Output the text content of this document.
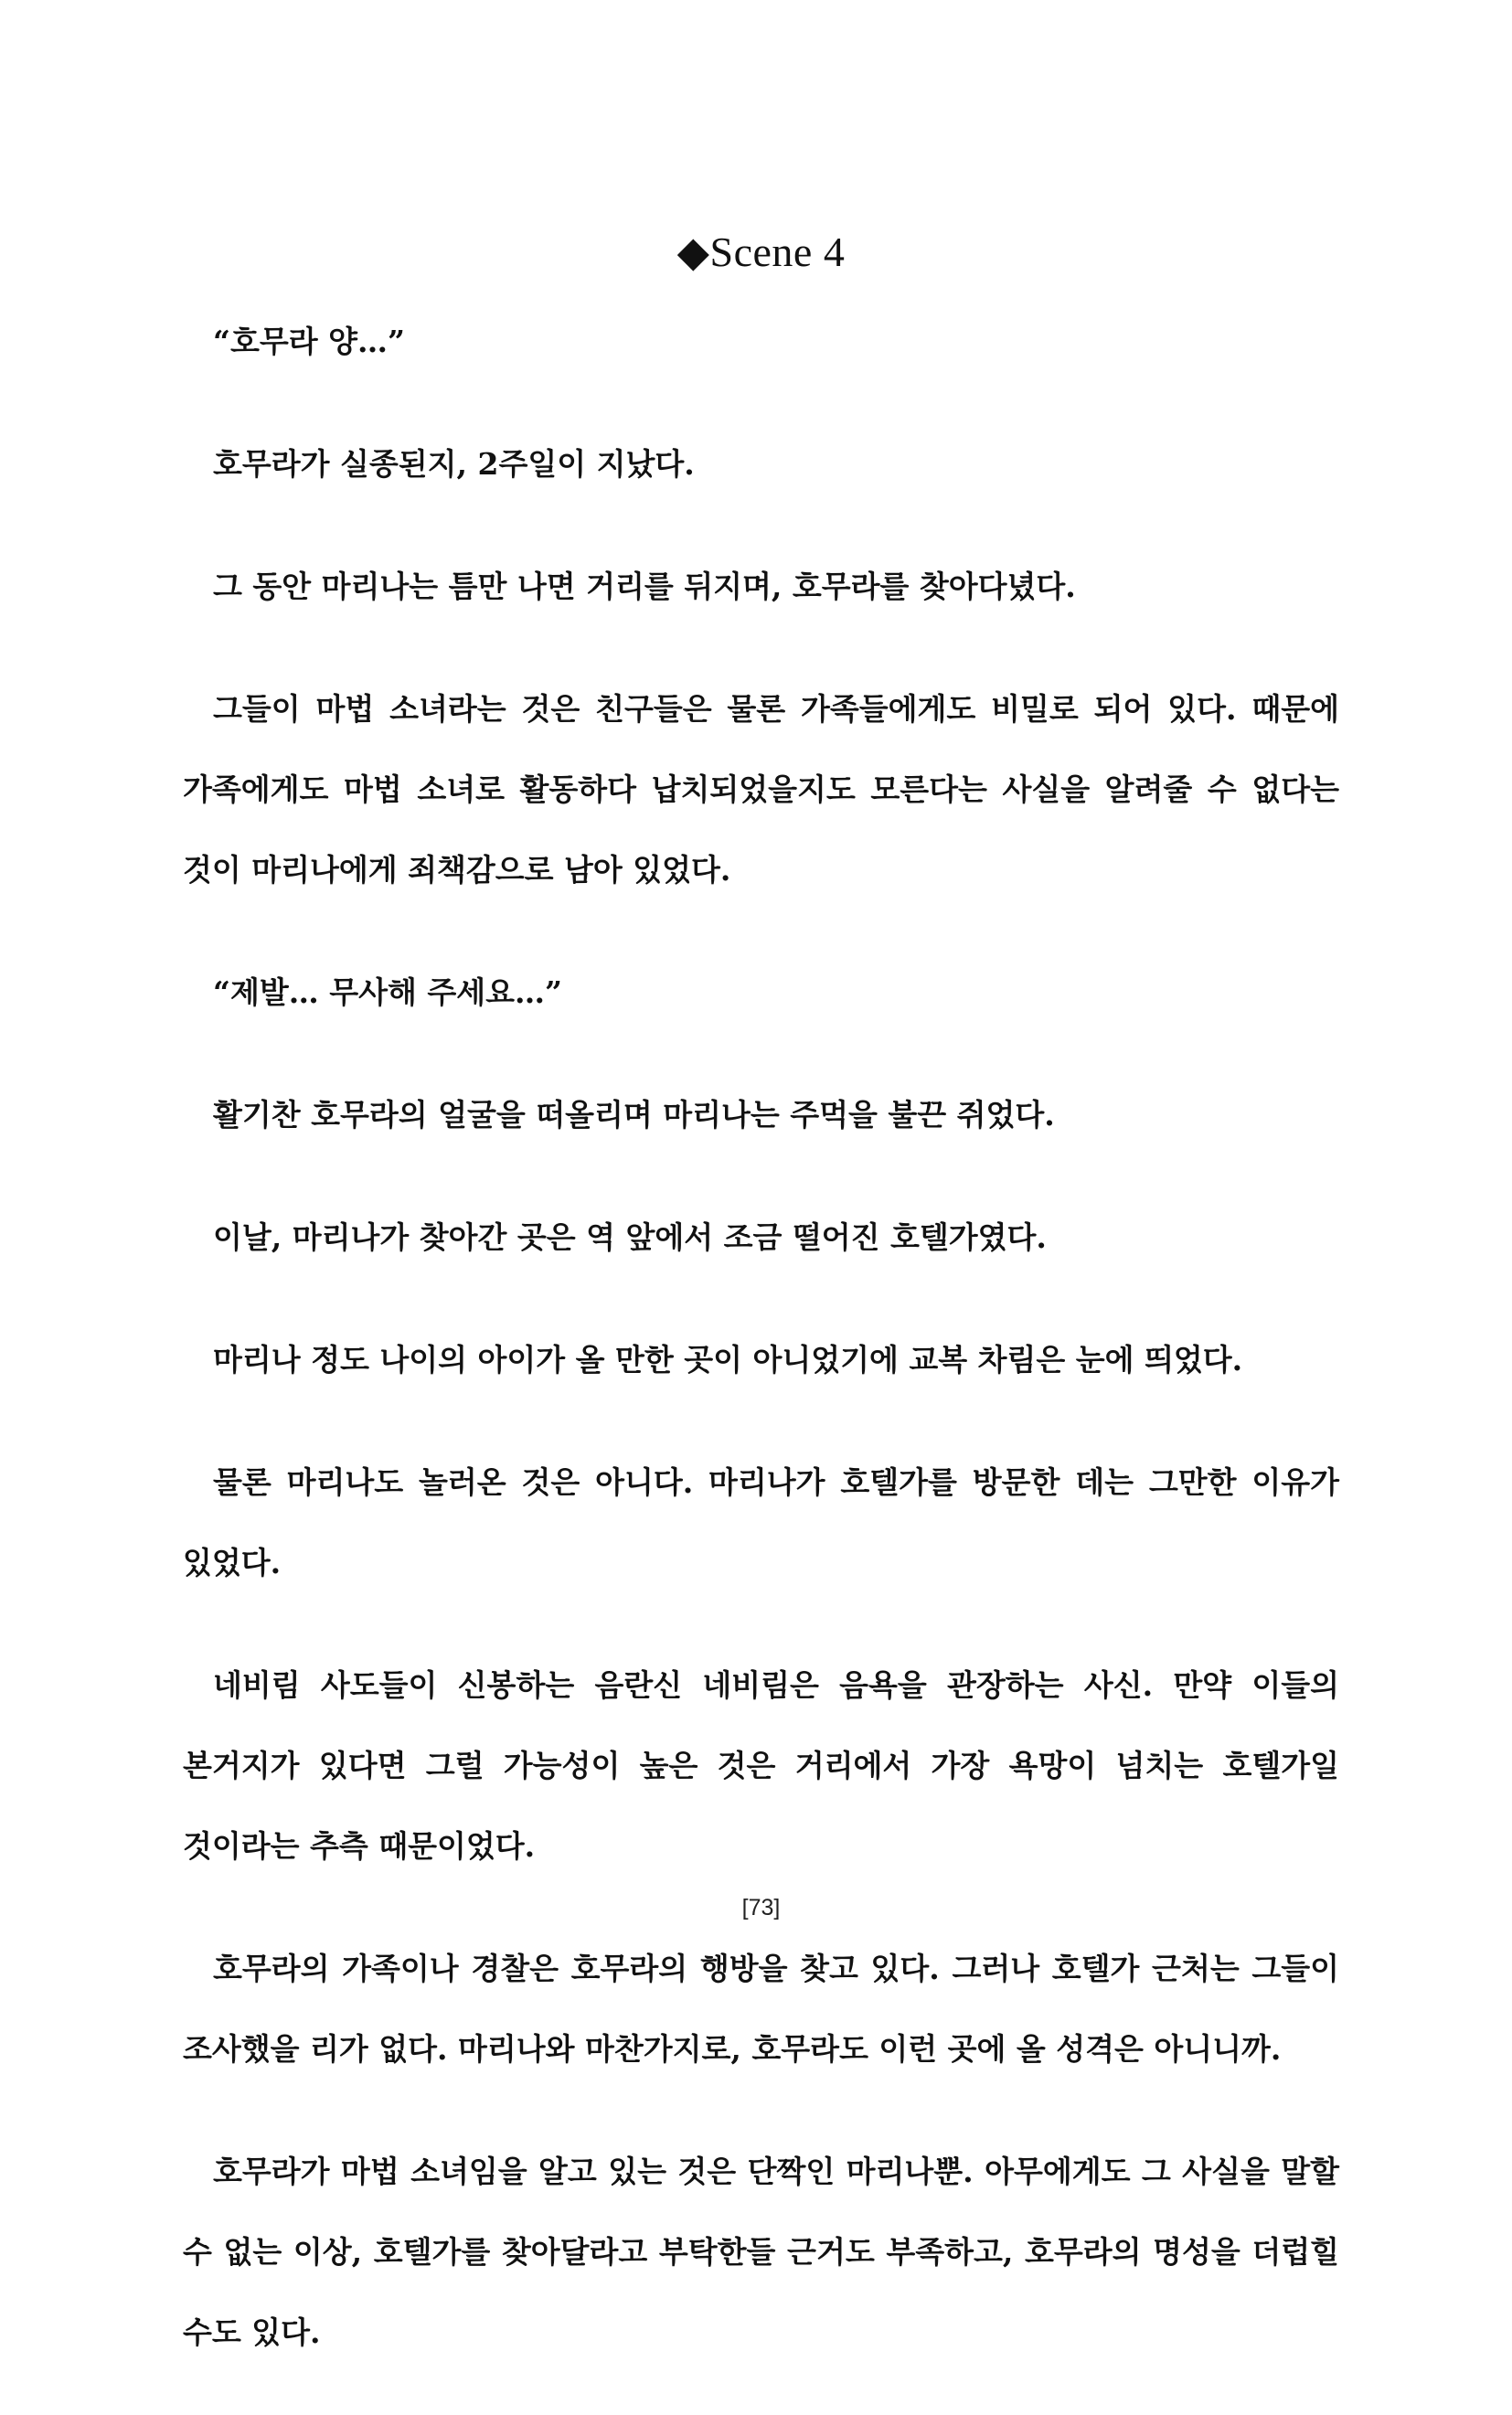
◆Scene 4

“호무라 양…”

호무라가 실종된지, 2주일이 지났다.

그 동안 마리나는 틈만 나면 거리를 뒤지며, 호무라를 찾아다녔다.

그들이 마법 소녀라는 것은 친구들은 물론 가족들에게도 비밀로 되어 있다. 때문에 가족에게도 마법 소녀로 활동하다 납치되었을지도 모른다는 사실을 알려줄 수 없다는 것이 마리나에게 죄책감으로 남아 있었다.

“제발… 무사해 주세요…”

활기찬 호무라의 얼굴을 떠올리며 마리나는 주먹을 불끈 쥐었다.

이날, 마리나가 찾아간 곳은 역 앞에서 조금 떨어진 호텔가였다.

마리나 정도 나이의 아이가 올 만한 곳이 아니었기에 교복 차림은 눈에 띄었다.

물론 마리나도 놀러온 것은 아니다. 마리나가 호텔가를 방문한 데는 그만한 이유가 있었다.

네비림 사도들이 신봉하는 음란신 네비림은 음욕을 관장하는 사신. 만약 이들의 본거지가 있다면 그럴 가능성이 높은 것은 거리에서 가장 욕망이 넘치는 호텔가일 것이라는 추측 때문이었다.

호무라의 가족이나 경찰은 호무라의 행방을 찾고 있다. 그러나 호텔가 근처는 그들이 조사했을 리가 없다. 마리나와 마찬가지로, 호무라도 이런 곳에 올 성격은 아니니까.

호무라가 마법 소녀임을 알고 있는 것은 단짝인 마리나뿐. 아무에게도 그 사실을 말할 수 없는 이상, 호텔가를 찾아달라고 부탁한들 근거도 부족하고, 호무라의 명성을 더럽힐 수도 있다.

[73]
